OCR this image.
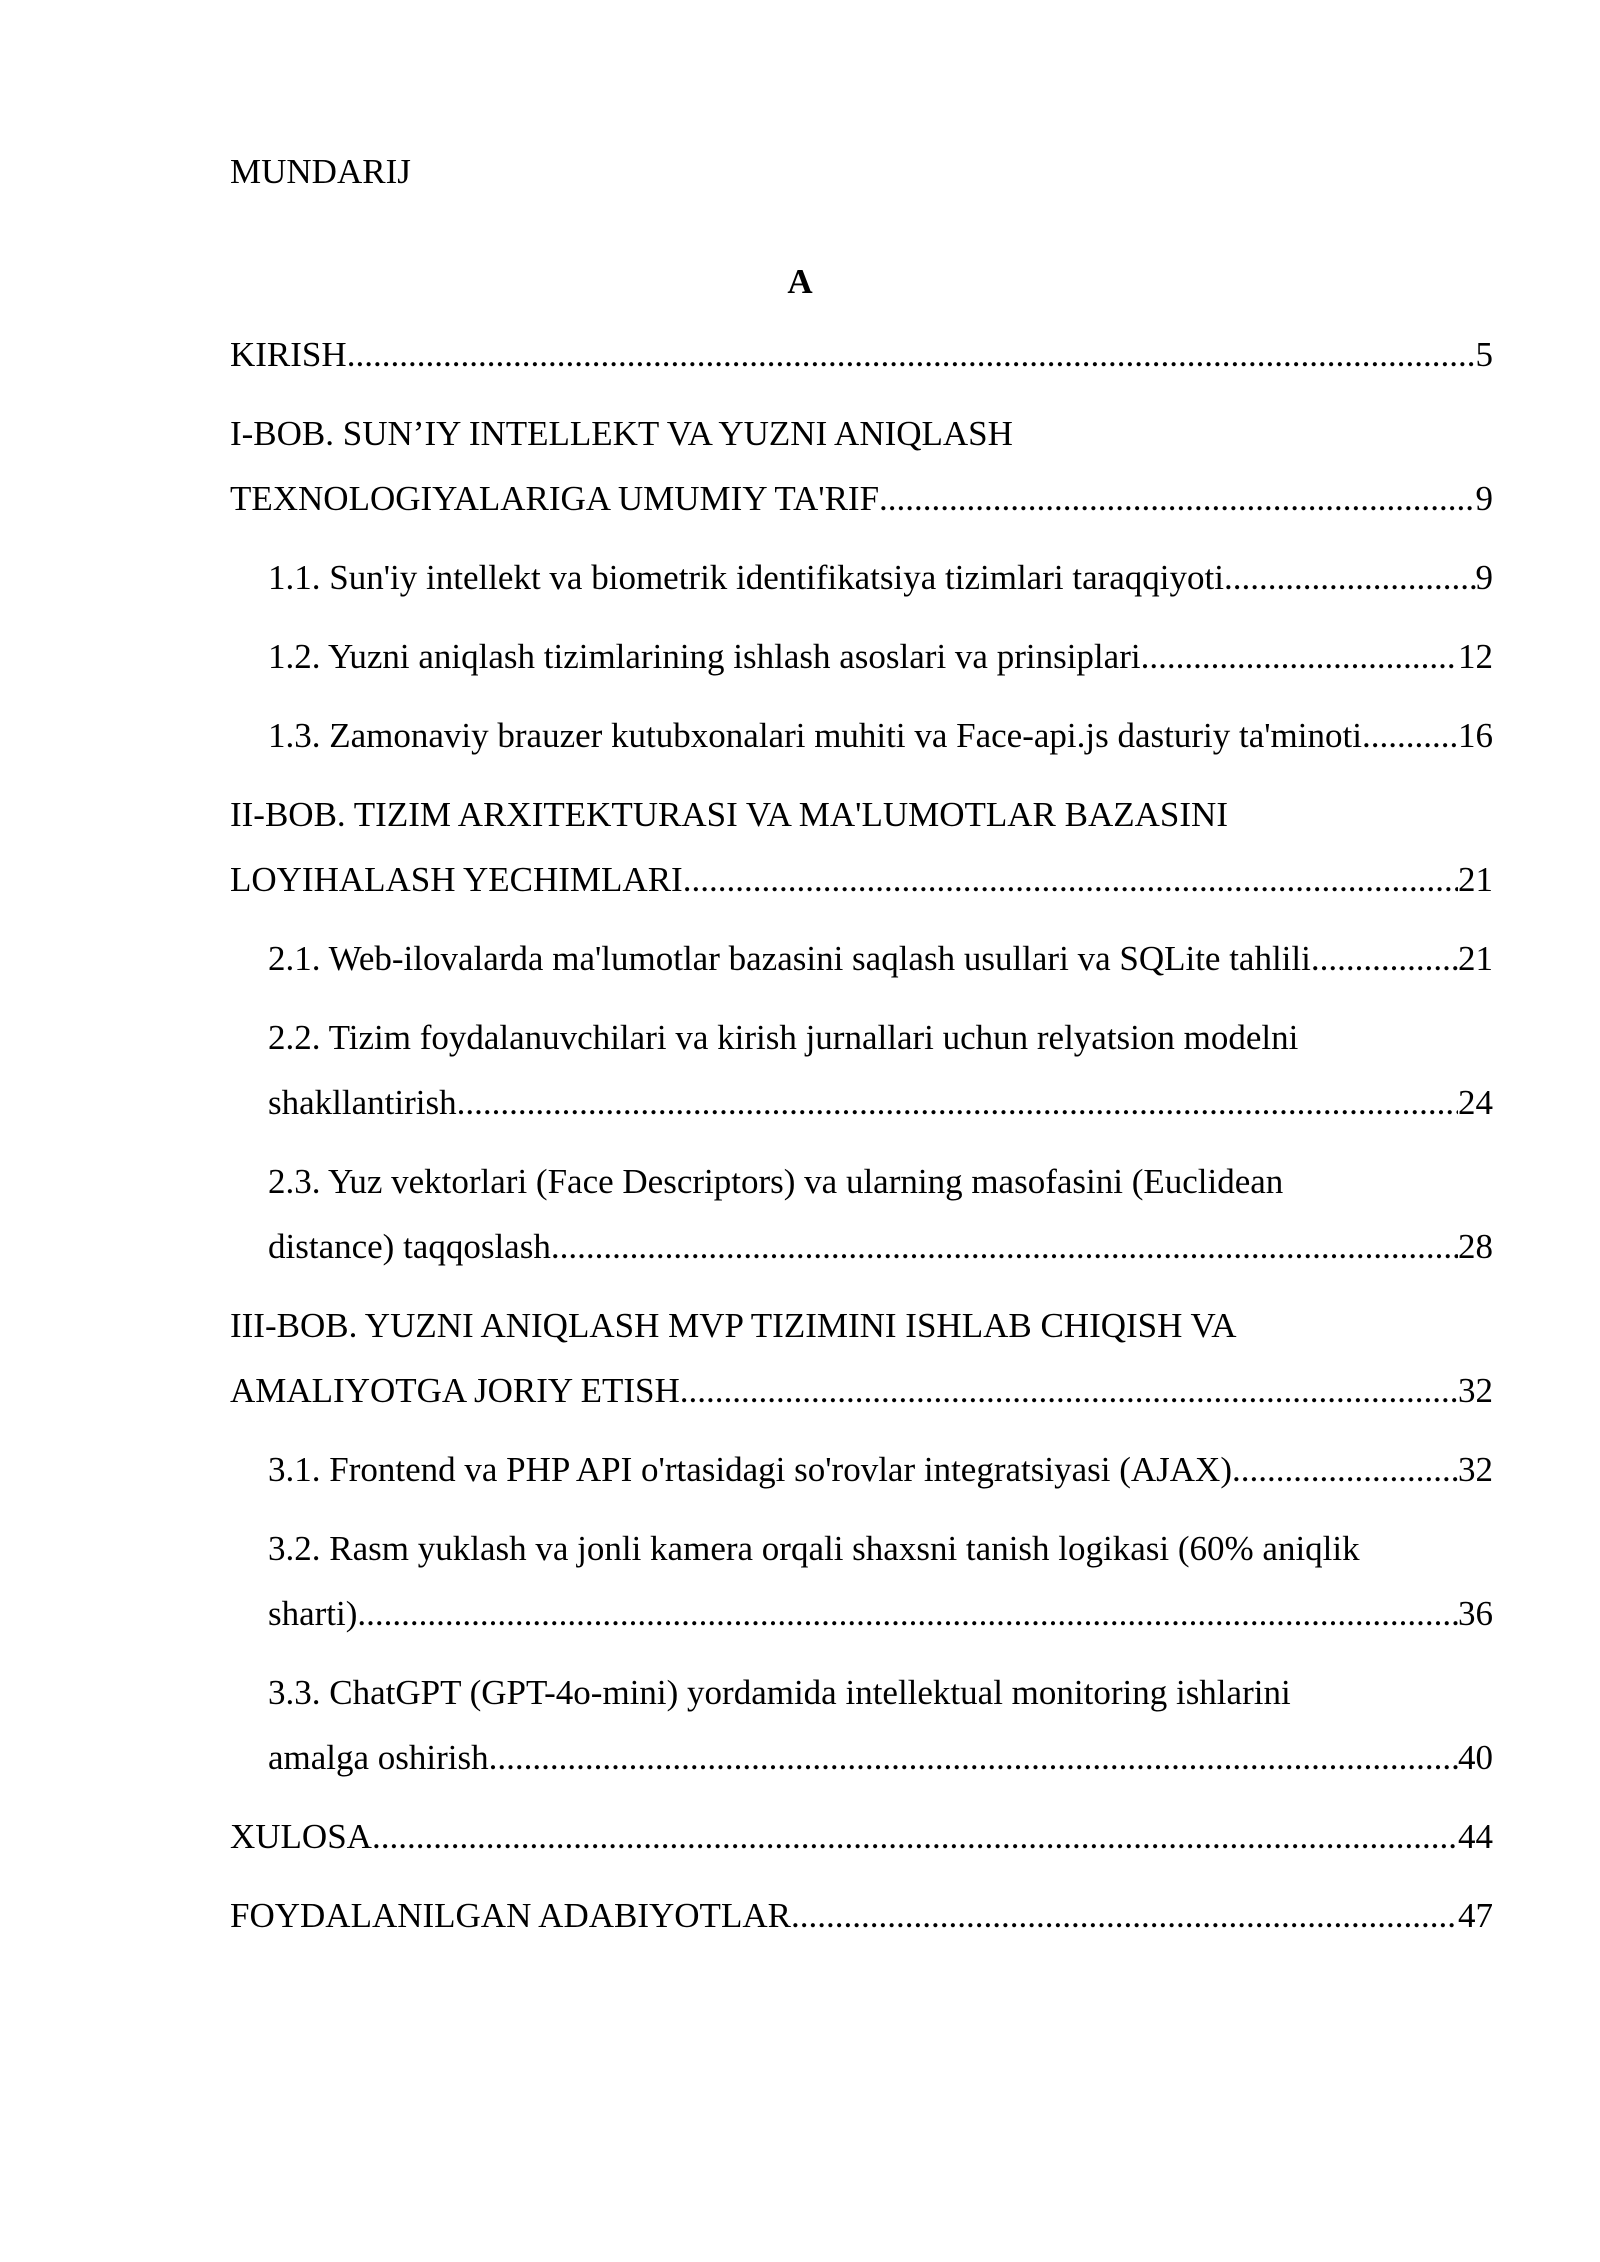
MUNDARIJ
A
KIRISH .....	5
I-BOB. SUN’IY INTELLEKT VA YUZNI ANIQLASH
TEXNOLOGIYALARIGA UMUMIY TA'RIF .....	9
1.1. Sun'iy intellekt va biometrik identifikatsiya tizimlari taraqqiyoti .....	9
1.2. Yuzni aniqlash tizimlarining ishlash asoslari va prinsiplari .....	12
1.3. Zamonaviy brauzer kutubxonalari muhiti va Face-api.js dasturiy ta'minoti .....	16
II-BOB. TIZIM ARXITEKTURASI VA MA'LUMOTLAR BAZASINI
LOYIHALASH YECHIMLARI .....	21
2.1. Web-ilovalarda ma'lumotlar bazasini saqlash usullari va SQLite tahlili .....	21
2.2. Tizim foydalanuvchilari va kirish jurnallari uchun relyatsion modelni
shakllantirish .....	24
2.3. Yuz vektorlari (Face Descriptors) va ularning masofasini (Euclidean
distance) taqqoslash .....	28
III-BOB. YUZNI ANIQLASH MVP TIZIMINI ISHLAB CHIQISH VA
AMALIYOTGA JORIY ETISH .....	32
3.1. Frontend va PHP API o'rtasidagi so'rovlar integratsiyasi (AJAX) .....	32
3.2. Rasm yuklash va jonli kamera orqali shaxsni tanish logikasi (60% aniqlik
sharti) .....	36
3.3. ChatGPT (GPT-4o-mini) yordamida intellektual monitoring ishlarini
amalga oshirish .....	40
XULOSA .....	44
FOYDALANILGAN ADABIYOTLAR .....	47
